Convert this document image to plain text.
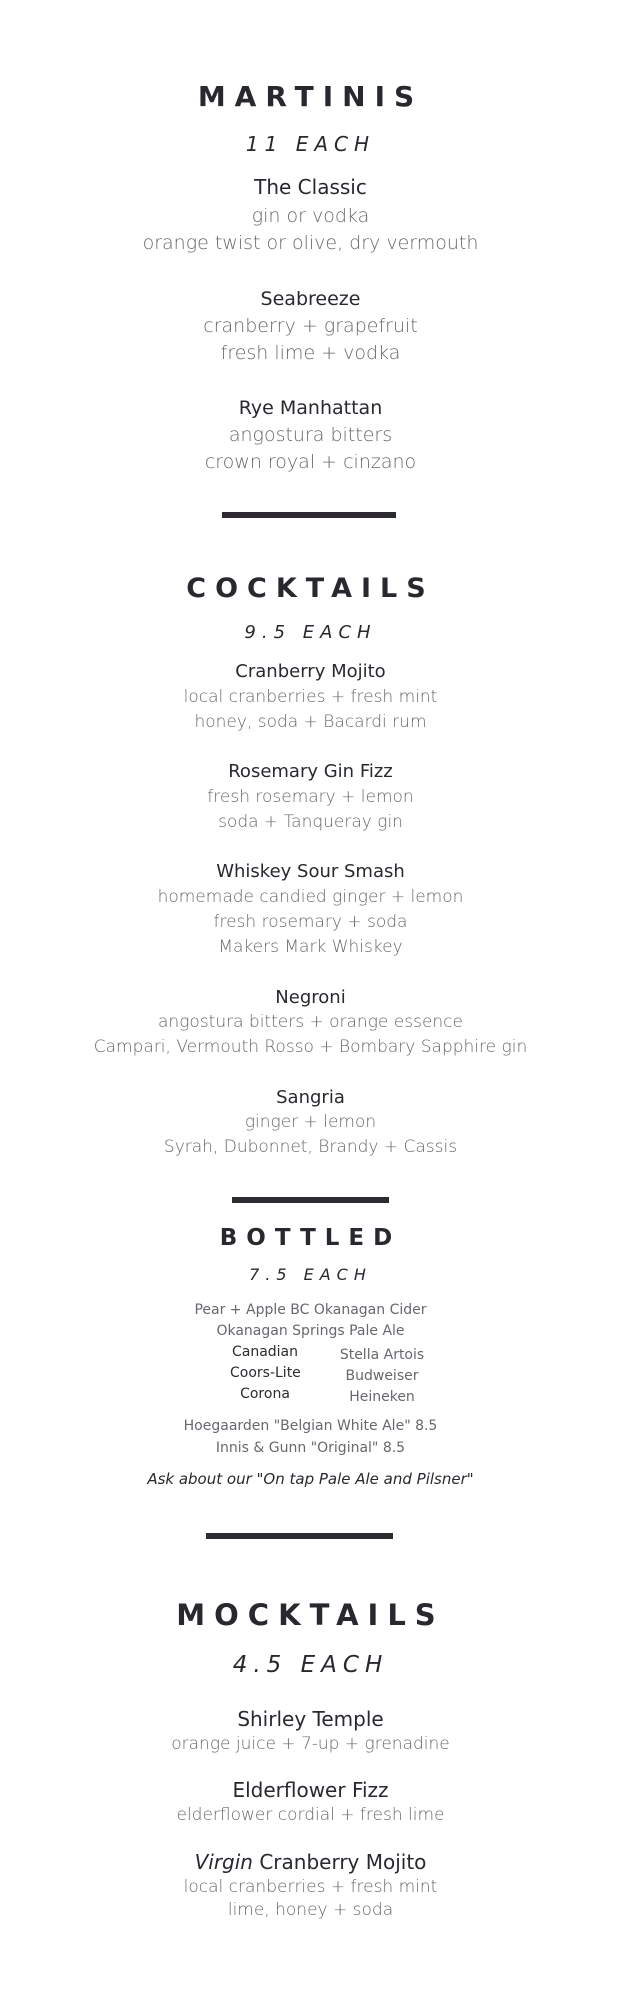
MARTINIS
11 EACH
The Classic
gin or vodka
orange twist or olive, dry vermouth
Seabreeze
cranberry + grapefruit
fresh lime + vodka
Rye Manhattan
angostura bitters
crown royal + cinzano
COCKTAILS
9.5 EACH
Cranberry Mojito
local cranberries + fresh mint
honey, soda + Bacardi rum
Rosemary Gin Fizz
fresh rosemary + lemon
soda + Tanqueray gin
Whiskey Sour Smash
homemade candied ginger + lemon
fresh rosemary + soda
Makers Mark Whiskey
Negroni
angostura bitters + orange essence
Campari, Vermouth Rosso + Bombary Sapphire gin
Sangria
ginger + lemon
Syrah, Dubonnet, Brandy + Cassis
BOTTLED
7.5 EACH
Pear + Apple BC Okanagan Cider
Okanagan Springs Pale Ale
Canadian
Coors-Lite
Corona
Stella Artois
Budweiser
Heineken
Hoegaarden "Belgian White Ale" 8.5
Innis & Gunn "Original" 8.5
Ask about our "On tap Pale Ale and Pilsner"
MOCKTAILS
4.5 EACH
Shirley Temple
orange juice + 7-up + grenadine
Elderflower Fizz
elderflower cordial + fresh lime
Virgin Cranberry Mojito
local cranberries + fresh mint
lime, honey + soda
